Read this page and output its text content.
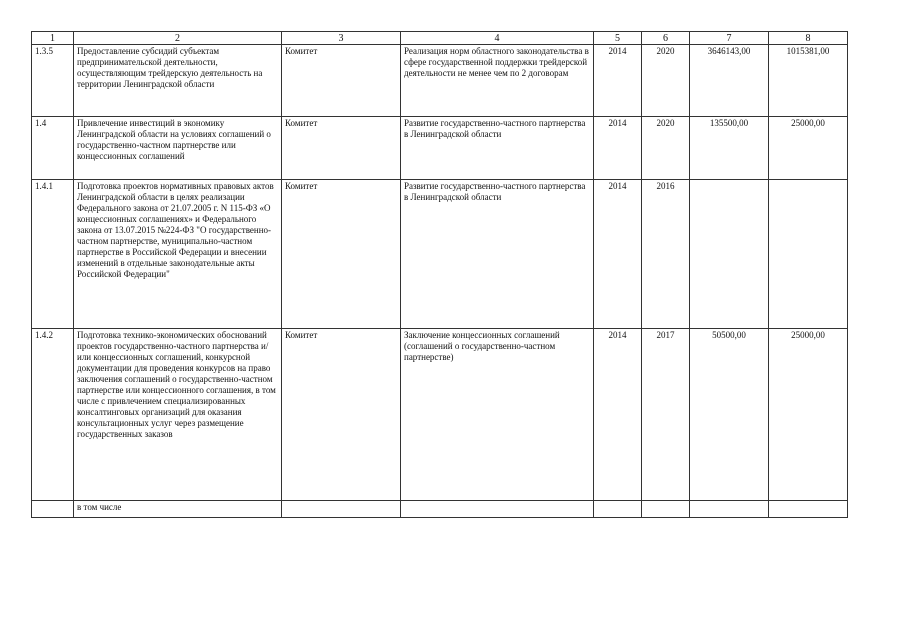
1	2	3	4	5	6	7	8
1.3.5	Предоставление субсидий субъектам предпринимательской деятельности, осуществляющим трейдерскую деятельность на территории Ленинградской области	Комитет	Реализация норм областного законодательства в сфере государственной поддержки трейдерской деятельности не менее чем по 2 договорам	2014	2020	3646143,00	1015381,00
1.4	Привлечение инвестиций в экономику Ленинградской области на условиях соглашений о государственно-частном партнерстве или концессионных соглашений	Комитет	Развитие государственно-частного партнерства в Ленинградской области	2014	2020	135500,00	25000,00
1.4.1	Подготовка проектов нормативных правовых актов Ленинградской области в целях реализации Федерального закона от 21.07.2005 г. N 115-ФЗ «О концессионных соглашениях» и Федерального закона от 13.07.2015 №224-ФЗ "О государственно-частном партнерстве, муниципально-частном партнерстве в Российской Федерации и внесении изменений в отдельные законодательные акты Российской Федерации"	Комитет	Развитие государственно-частного партнерства в Ленинградской области	2014	2016		
1.4.2	Подготовка технико-экономических обоснований проектов государственно-частного партнерства и/или концессионных соглашений, конкурсной документации для проведения конкурсов на право заключения соглашений о государственно-частном партнерстве или концессионного соглашения, в том числе с привлечением специализированных консалтинговых организаций для оказания консультационных услуг через размещение государственных заказов	Комитет	Заключение концессионных соглашений (соглашений о государственно-частном партнерстве)	2014	2017	50500,00	25000,00
	в том числе						
